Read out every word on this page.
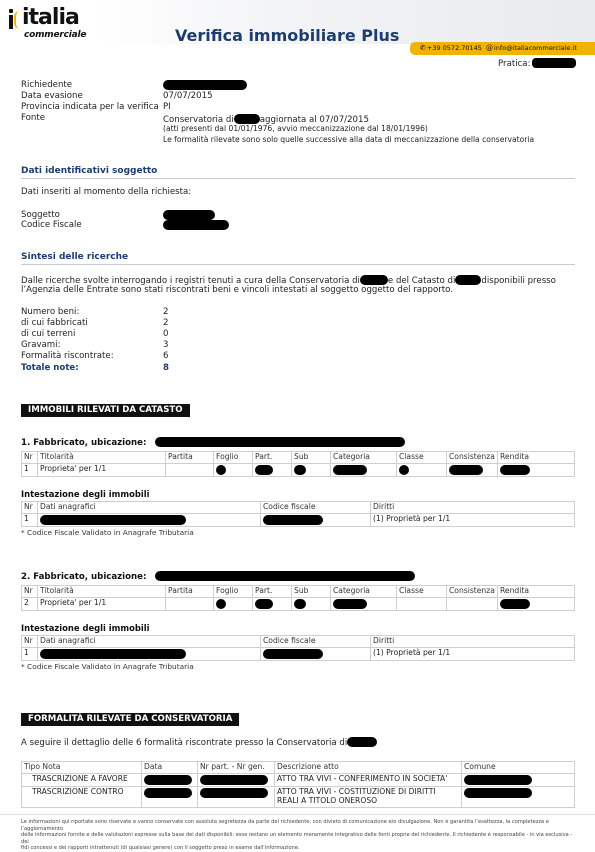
italia
commerciale	Verifica immobiliare Plus
✆+39 0572.70145 @info@italiacommerciale.it
Pratica:
Richiedente
Data evasione	07/07/2015
Provincia indicata per la verifica PI
Fonte	Conservatoria di	aggiornata al 07/07/2015
(atti presenti dal 01/01/1976, avvio meccanizzazione dal 18/01/1996)
Le formalità rilevate sono solo quelle successive alla data di meccanizzazione della conservatoria
Dati identificativi soggetto
Dati inseriti al momento della richiesta:
Soggetto
Codice Fiscale
Sintesi delle ricerche
Dalle ricerche svolte interrogando i registri tenuti a cura della Conservatoria di	e del Catasto di	disponibili presso
l’Agenzia delle Entrate sono stati riscontrati beni e vincoli intestati al soggetto oggetto del rapporto.
Numero beni:	2
di cui fabbricati	2
di cui terreni	0
Gravami:	3
Formalità riscontrate:	6
Totale note:	8
IMMOBILI RILEVATI DA CATASTO
1. Fabbricato, ubicazione:
Nr	Titolarità	Partita	Foglio	Part.	Sub	Categoria	Classe	Consistenza	Rendita
1	Proprieta' per 1/1								
Intestazione degli immobili
Nr	Dati anagrafici	Codice fiscale	Diritti
1			(1) Proprietà per 1/1
* Codice Fiscale Validato in Anagrafe Tributaria
2. Fabbricato, ubicazione:
Nr	Titolarità	Partita	Foglio	Part.	Sub	Categoria	Classe	Consistenza	Rendita
2	Proprieta' per 1/1								
Intestazione degli immobili
Nr	Dati anagrafici	Codice fiscale	Diritti
1			(1) Proprietà per 1/1
* Codice Fiscale Validato in Anagrafe Tributaria
FORMALITÀ RILEVATE DA CONSERVATORIA
A seguire il dettaglio delle 6 formalità riscontrate presso la Conservatoria di
Tipo Nota	Data	Nr part. - Nr gen.	Descrizione atto	Comune
TRASCRIZIONE A FAVORE			ATTO TRA VIVI - CONFERIMENTO IN SOCIETA'	
TRASCRIZIONE CONTRO			ATTO TRA VIVI - COSTITUZIONE DI DIRITTI
REALI A TITOLO ONEROSO	

Le informazioni qui riportate sono riservate e vanno conservate con assoluta segretezza da parte del richiedente, con divieto di comunicazione e/o divulgazione. Non è garantita l’esattezza, la completezza e l’aggiornamento
delle informazioni fornite e delle valutazioni espresse sulla base dei dati disponibili: esse restano un elemento meramente integrativo delle fonti proprie del richiedente. Il richiedente è responsabile - in via esclusiva - dei
fidi concessi e dei rapporti intrattenuti (di qualsiasi genere) con il soggetto preso in esame dall’informazione.
